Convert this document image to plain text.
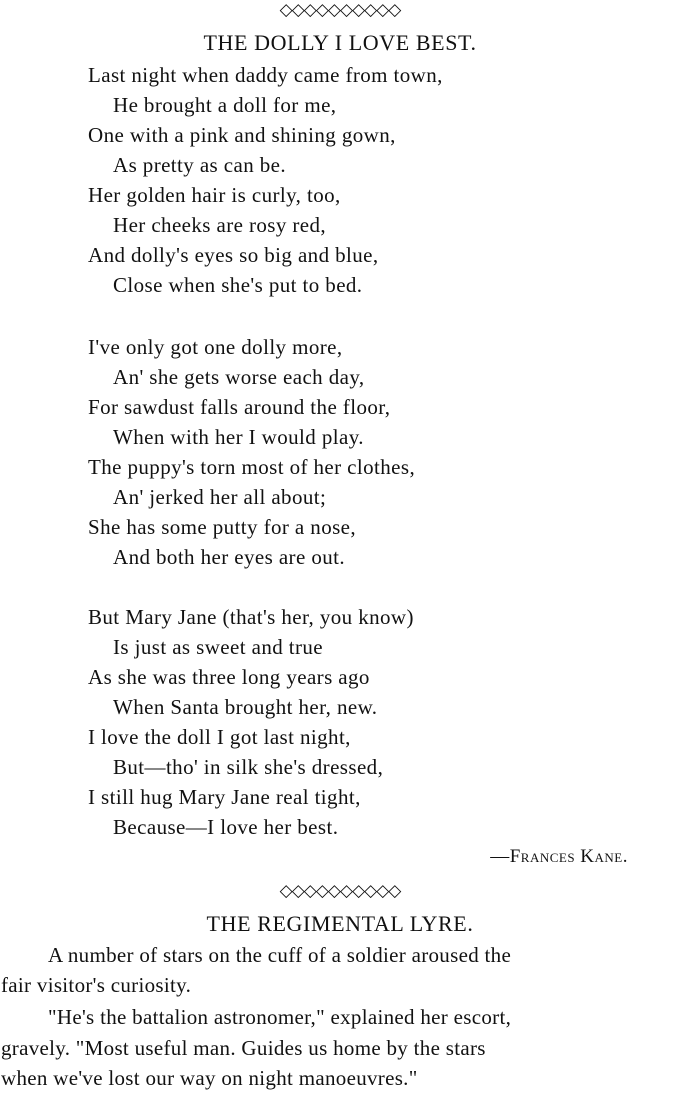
◇◇◇◇◇◇◇◇◇◇
THE DOLLY I LOVE BEST.
Last night when daddy came from town,
He brought a doll for me,
One with a pink and shining gown,
As pretty as can be.
Her golden hair is curly, too,
Her cheeks are rosy red,
And dolly's eyes so big and blue,
Close when she's put to bed.
I've only got one dolly more,
An' she gets worse each day,
For sawdust falls around the floor,
When with her I would play.
The puppy's torn most of her clothes,
An' jerked her all about;
She has some putty for a nose,
And both her eyes are out.
But Mary Jane (that's her, you know)
Is just as sweet and true
As she was three long years ago
When Santa brought her, new.
I love the doll I got last night,
But—tho' in silk she's dressed,
I still hug Mary Jane real tight,
Because—I love her best.
—Frances Kane.
◇◇◇◇◇◇◇◇◇◇
THE REGIMENTAL LYRE.
A number of stars on the cuff of a soldier aroused the
fair visitor's curiosity.
"He's the battalion astronomer," explained her escort,
gravely. "Most useful man. Guides us home by the stars
when we've lost our way on night manoeuvres."
